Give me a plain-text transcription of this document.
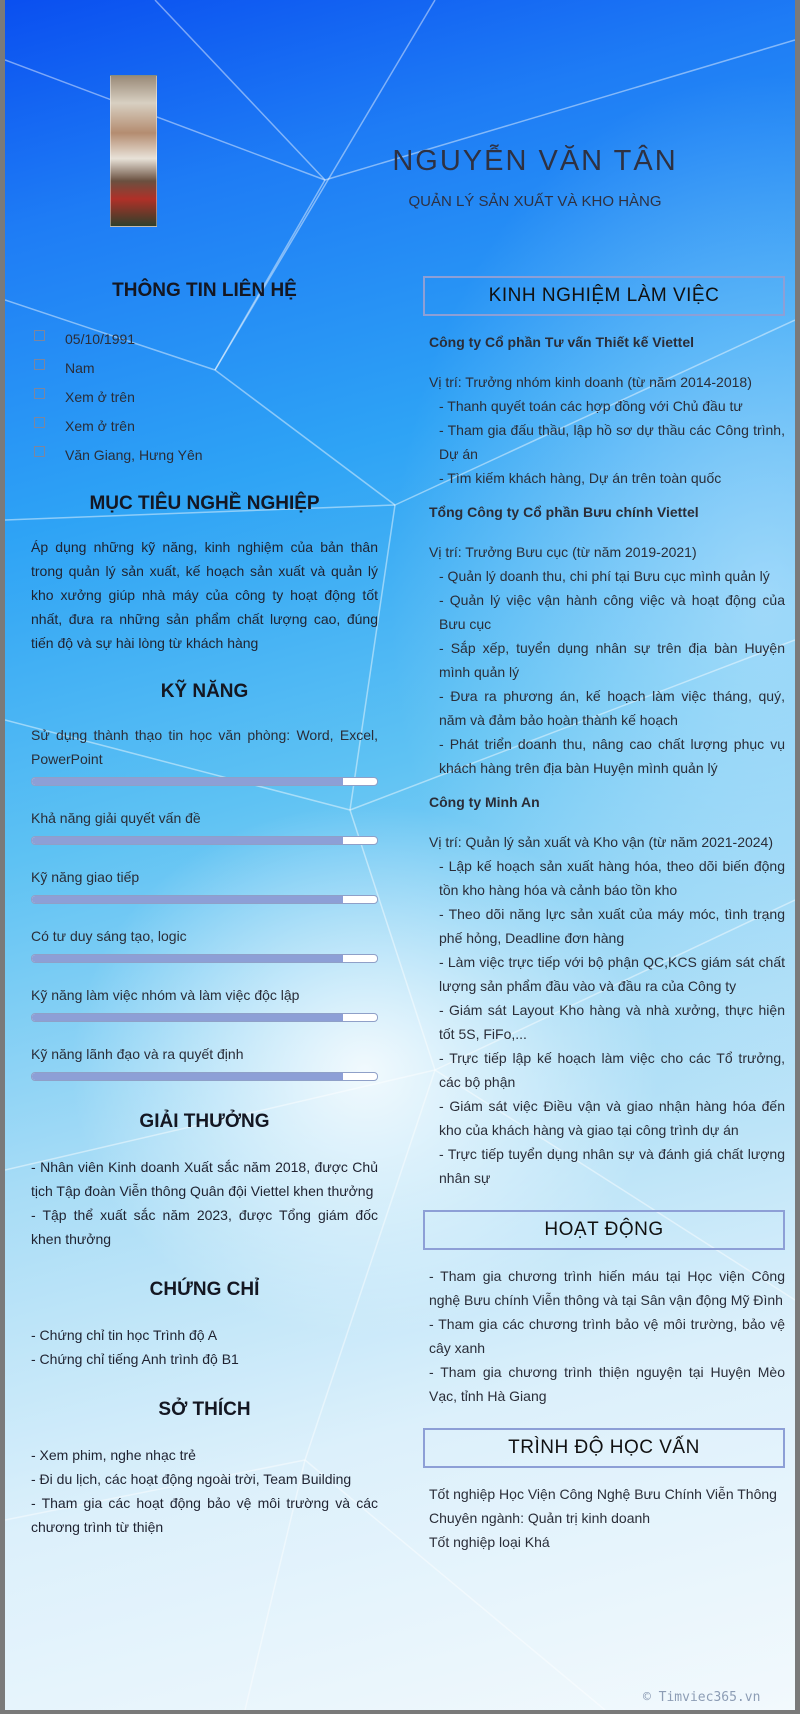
NGUYỄN VĂN TÂN

QUẢN LÝ SẢN XUẤT VÀ KHO HÀNG

THÔNG TIN LIÊN HỆ
05/10/1991
Nam
Xem ở trên
Xem ở trên
Văn Giang, Hưng Yên
MỤC TIÊU NGHỀ NGHIỆP

Áp dụng những kỹ năng, kinh nghiệm của bản thân trong quản lý sản xuất, kế hoạch sản xuất và quản lý kho xưởng giúp nhà máy của công ty hoạt động tốt nhất, đưa ra những sản phẩm chất lượng cao, đúng tiến độ và sự hài lòng từ khách hàng

KỸ NĂNG

Sử dụng thành thạo tin học văn phòng: Word, Excel, PowerPoint

Khả năng giải quyết vấn đề

Kỹ năng giao tiếp

Có tư duy sáng tạo, logic

Kỹ năng làm việc nhóm và làm việc độc lập

Kỹ năng lãnh đạo và ra quyết định

GIẢI THƯỞNG

- Nhân viên Kinh doanh Xuất sắc năm 2018, được Chủ tịch Tập đoàn Viễn thông Quân đội Viettel khen thưởng

- Tập thể xuất sắc năm 2023, được Tổng giám đốc khen thưởng

CHỨNG CHỈ

- Chứng chỉ tin học Trình độ A

- Chứng chỉ tiếng Anh trình độ B1

SỞ THÍCH

- Xem phim, nghe nhạc trẻ

- Đi du lịch, các hoạt động ngoài trời, Team Building

- Tham gia các hoạt động bảo vệ môi trường và các chương trình từ thiện

KINH NGHIỆM LÀM VIỆC

Công ty Cổ phần Tư vấn Thiết kế Viettel

Vị trí: Trưởng nhóm kinh doanh (từ năm 2014-2018)

- Thanh quyết toán các hợp đồng với Chủ đầu tư
- Tham gia đấu thầu, lập hồ sơ dự thầu các Công trình, Dự án
- Tìm kiếm khách hàng, Dự án trên toàn quốc

Tổng Công ty Cổ phần Bưu chính Viettel

Vị trí: Trưởng Bưu cục (từ năm 2019-2021)

- Quản lý doanh thu, chi phí tại Bưu cục mình quản lý
- Quản lý việc vận hành công việc và hoạt động của Bưu cục
- Sắp xếp, tuyển dụng nhân sự trên địa bàn Huyện mình quản lý
- Đưa ra phương án, kế hoạch làm việc tháng, quý, năm và đảm bảo hoàn thành kế hoạch
- Phát triển doanh thu, nâng cao chất lượng phục vụ khách hàng trên địa bàn Huyện mình quản lý

Công ty Minh An

Vị trí: Quản lý sản xuất và Kho vận (từ năm 2021-2024)

- Lập kế hoạch sản xuất hàng hóa, theo dõi biến động tồn kho hàng hóa và cảnh báo tồn kho
- Theo dõi năng lực sản xuất của máy móc, tình trạng phế hỏng, Deadline đơn hàng
- Làm việc trực tiếp với bộ phận QC,KCS giám sát chất lượng sản phẩm đầu vào và đầu ra của Công ty
- Giám sát Layout Kho hàng và nhà xưởng, thực hiện tốt 5S, FiFo,...
- Trực tiếp lập kế hoạch làm việc cho các Tổ trưởng, các bộ phận
- Giám sát việc Điều vận và giao nhận hàng hóa đến kho của khách hàng và giao tại công trình dự án
- Trực tiếp tuyển dụng nhân sự và đánh giá chất lượng nhân sự
HOẠT ĐỘNG

- Tham gia chương trình hiến máu tại Học viện Công nghệ Bưu chính Viễn thông và tại Sân vận động Mỹ Đình

- Tham gia các chương trình bảo vệ môi trường, bảo vệ cây xanh

- Tham gia chương trình thiện nguyện tại Huyện Mèo Vạc, tỉnh Hà Giang

TRÌNH ĐỘ HỌC VẤN

Tốt nghiệp Học Viện Công Nghệ Bưu Chính Viễn Thông

Chuyên ngành: Quản trị kinh doanh

Tốt nghiệp loại Khá

© Timviec365.vn
